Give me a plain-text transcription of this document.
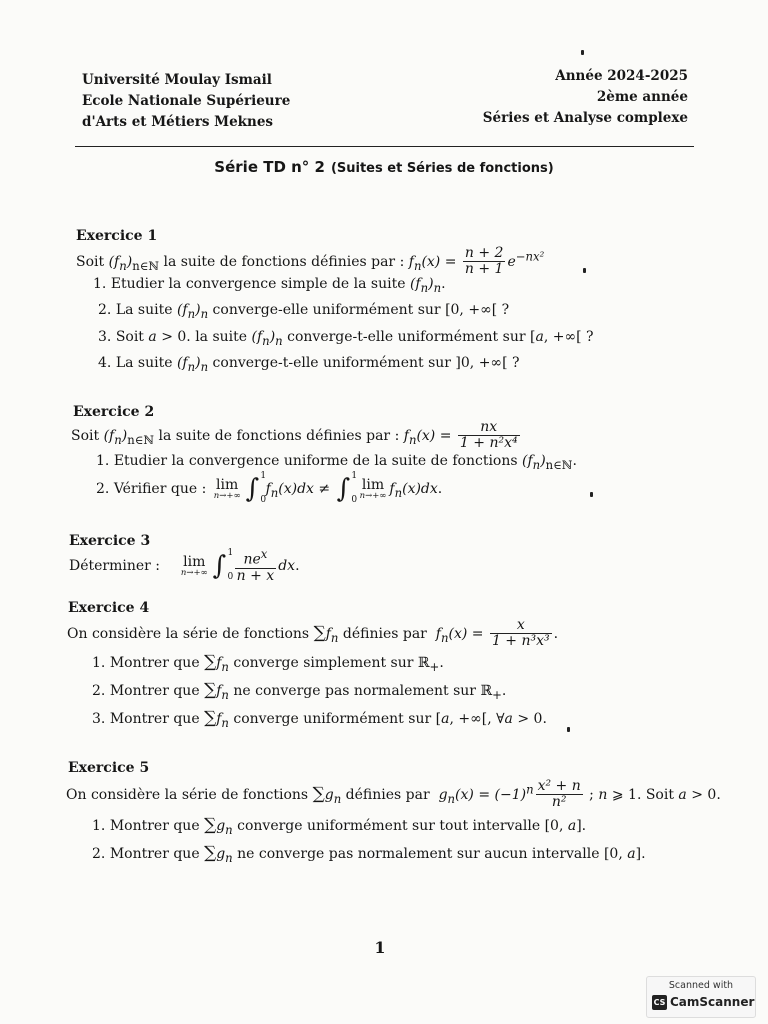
Université Moulay Ismail
Ecole Nationale Supérieure
d'Arts et Métiers Meknes
Année 2024-2025
2ème année
Séries et Analyse complexe
Série TD n° 2 (Suites et Séries de fonctions)
Exercice 1
Soit $(f_n)_{n\in ℕ}$ la suite de fonctions définies par : $f_n(x) = \frac{n + 2}{n + 1} e^{-nx^2}$
1. Etudier la convergence simple de la suite $(f_n)_n$.
2. La suite $(f_n)_n$ converge-elle uniformément sur [0, +∞[ ?
3. Soit a > 0. la suite $(f_n)_n$ converge-t-elle uniformément sur [a, +∞[ ?
4. La suite $(f_n)_n$ converge-t-elle uniformément sur ]0, +∞[ ?
Exercice 2
Soit $(f_n)_{n\in ℕ}$ la suite de fonctions définies par : $f_n(x) = \frac{nx}{\text{1 + n²x⁴}}$
1. Etudier la convergence uniforme de la suite de fonctions $(f_n)_{n\in ℕ}$.
2. Vérifier que : lim
n→+∞ ∫ 1
0
$f_n(x)dx$ ≠ ∫ 1
0
lim
n→+∞ $f_n(x)dx$.
Exercice 3
Déterminer :    lim
n→+∞ ∫ 1
0
$\frac{ne^x}{n + x}$ dx.
Exercice 4
On considère la série de fonctions $\sum f_n$ définies par  $f_n(x) = \frac{x}{\text{1 + n³x³}}$ .
1. Montrer que $\sum f_n$ converge simplement sur ℝ$_+$.
2. Montrer que $\sum f_n$ ne converge pas normalement sur ℝ$_+$.
3. Montrer que $\sum f_n$ converge uniformément sur [a, +∞[, ∀a > 0.
Exercice 5
On considère la série de fonctions $\sum g_n$ définies par  $g_n(x) = (-1)^n \frac{\text{x² + n}}{\text{n²}}$ ; n ⩾ 1. Soit a > 0.
1. Montrer que $\sum g_n$ converge uniformément sur tout intervalle [0, a].
2. Montrer que $\sum g_n$ ne converge pas normalement sur aucun intervalle [0, a].
1
Scanned with
CS CamScanner
